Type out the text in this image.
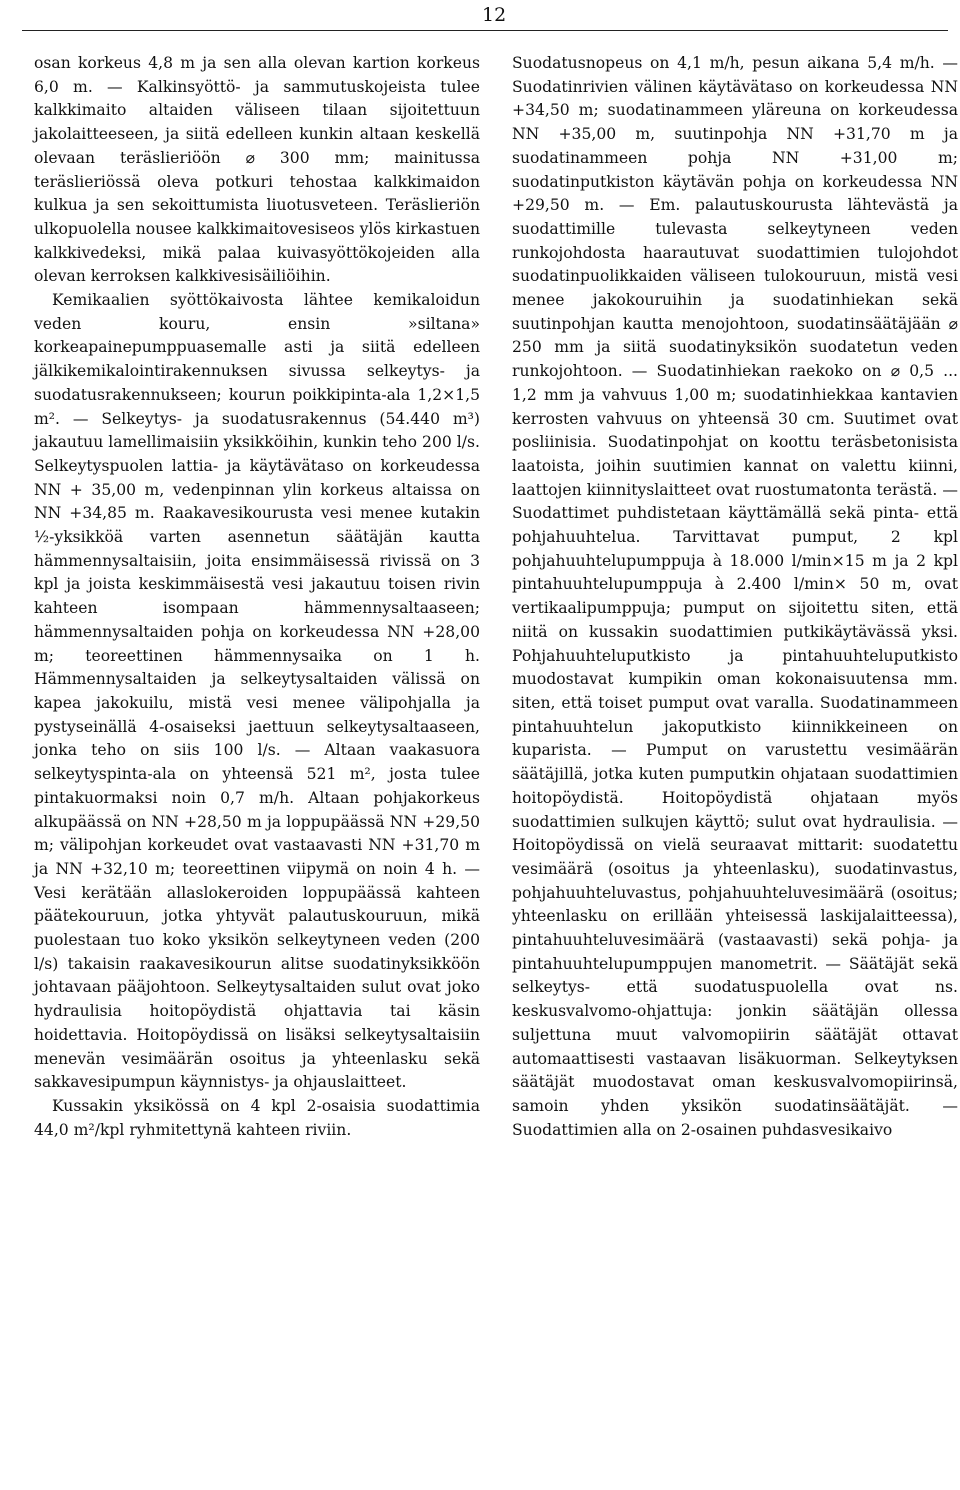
12

osan korkeus 4,8 m ja sen alla olevan kartion korkeus 6,0 m. — Kalkinsyöttö- ja sammutuskojeista tulee kalkkimaito altaiden väliseen tilaan sijoitettuun jakolaitteeseen, ja siitä edelleen kunkin altaan keskellä olevaan teräslieriöön ⌀ 300 mm; mainitussa teräslieriössä oleva potkuri tehostaa kalkkimaidon kulkua ja sen sekoittumista liuotusveteen. Teräslieriön ulkopuolella nousee kalkkimaitovesiseos ylös kirkastuen kalkkivedeksi, mikä palaa kuivasyöttökojeiden alla olevan kerroksen kalkkivesisäiliöihin.

Kemikaalien syöttökaivosta lähtee kemikaloidun veden kouru, ensin »siltana» korkeapainepumppuasemalle asti ja siitä edelleen jälkikemikalointirakennuksen sivussa selkeytys- ja suodatusrakennukseen; kourun poikkipinta-ala 1,2×1,5 m². — Selkeytys- ja suodatusrakennus (54.440 m³) jakautuu lamellimaisiin yksikköihin, kunkin teho 200 l/s. Selkeytyspuolen lattia- ja käytävätaso on korkeudessa NN + 35,00 m, vedenpinnan ylin korkeus altaissa on NN +34,85 m. Raakavesikourusta vesi menee kutakin ½-yksikköä varten asennetun säätäjän kautta hämmennysaltaisiin, joita ensimmäisessä rivissä on 3 kpl ja joista keskimmäisestä vesi jakautuu toisen rivin kahteen isompaan hämmennysaltaaseen; hämmennysaltaiden pohja on korkeudessa NN +28,00 m; teoreettinen hämmennysaika on 1 h. Hämmennysaltaiden ja selkeytysaltaiden välissä on kapea jakokuilu, mistä vesi menee välipohjalla ja pystyseinällä 4-osaiseksi jaettuun selkeytysaltaaseen, jonka teho on siis 100 l/s. — Altaan vaakasuora selkeytyspinta-ala on yhteensä 521 m², josta tulee pintakuormaksi noin 0,7 m/h. Altaan pohjakorkeus alkupäässä on NN +28,50 m ja loppupäässä NN +29,50 m; välipohjan korkeudet ovat vastaavasti NN +31,70 m ja NN +32,10 m; teoreettinen viipymä on noin 4 h. — Vesi kerätään allaslokeroiden loppupäässä kahteen päätekouruun, jotka yhtyvät palautuskouruun, mikä puolestaan tuo koko yksikön selkeytyneen veden (200 l/s) takaisin raakavesikourun alitse suodatinyksikköön johtavaan pääjohtoon. Selkeytysaltaiden sulut ovat joko hydraulisia hoitopöydistä ohjattavia tai käsin hoidettavia. Hoitopöydissä on lisäksi selkeytysaltaisiin menevän vesimäärän osoitus ja yhteenlasku sekä sakkavesipumpun käynnistys- ja ohjauslaitteet.

Kussakin yksikössä on 4 kpl 2-osaisia suodattimia 44,0 m²/kpl ryhmitettynä kahteen riviin.

Suodatusnopeus on 4,1 m/h, pesun aikana 5,4 m/h. — Suodatinrivien välinen käytävätaso on korkeudessa NN +34,50 m; suodatinammeen yläreuna on korkeudessa NN +35,00 m, suutinpohja NN +31,70 m ja suodatinammeen pohja NN +31,00 m; suodatinputkiston käytävän pohja on korkeudessa NN +29,50 m. — Em. palautuskourusta lähtevästä ja suodattimille tulevasta selkeytyneen veden runkojohdosta haarautuvat suodattimien tulojohdot suodatinpuolikkaiden väliseen tulokouruun, mistä vesi menee jakokouruihin ja suodatinhiekan sekä suutinpohjan kautta menojohtoon, suodatinsäätäjään ⌀ 250 mm ja siitä suodatinyksikön suodatetun veden runkojohtoon. — Suodatinhiekan raekoko on ⌀ 0,5 ... 1,2 mm ja vahvuus 1,00 m; suodatinhiekkaa kantavien kerrosten vahvuus on yhteensä 30 cm. Suutimet ovat posliinisia. Suodatinpohjat on koottu teräsbetonisista laatoista, joihin suutimien kannat on valettu kiinni, laattojen kiinnityslaitteet ovat ruostumatonta terästä. — Suodattimet puhdistetaan käyttämällä sekä pinta- että pohjahuuhtelua. Tarvittavat pumput, 2 kpl pohjahuuhtelupumppuja à 18.000 l/min×15 m ja 2 kpl pintahuuhtelupumppuja à 2.400 l/min× 50 m, ovat vertikaalipumppuja; pumput on sijoitettu siten, että niitä on kussakin suodattimien putkikäytävässä yksi. Pohjahuuhteluputkisto ja pintahuuhteluputkisto muodostavat kumpikin oman kokonaisuutensa mm. siten, että toiset pumput ovat varalla. Suodatinammeen pintahuuhtelun jakoputkisto kiinnikkeineen on kuparista. — Pumput on varustettu vesimäärän säätäjillä, jotka kuten pumputkin ohjataan suodattimien hoitopöydistä. Hoitopöydistä ohjataan myös suodattimien sulkujen käyttö; sulut ovat hydraulisia. — Hoitopöydissä on vielä seuraavat mittarit: suodatettu vesimäärä (osoitus ja yhteenlasku), suodatinvastus, pohjahuuhteluvastus, pohjahuuhteluvesimäärä (osoitus; yhteenlasku on erillään yhteisessä laskijalaitteessa), pintahuuhteluvesimäärä (vastaavasti) sekä pohja- ja pintahuuhtelupumppujen manometrit. — Säätäjät sekä selkeytys- että suodatuspuolella ovat ns. keskusvalvomo-ohjattuja: jonkin säätäjän ollessa suljettuna muut valvomopiirin säätäjät ottavat automaattisesti vastaavan lisäkuorman. Selkeytyksen säätäjät muodostavat oman keskusvalvomopiirinsä, samoin yhden yksikön suodatinsäätäjät. — Suodattimien alla on 2-osainen puhdasvesikaivo
